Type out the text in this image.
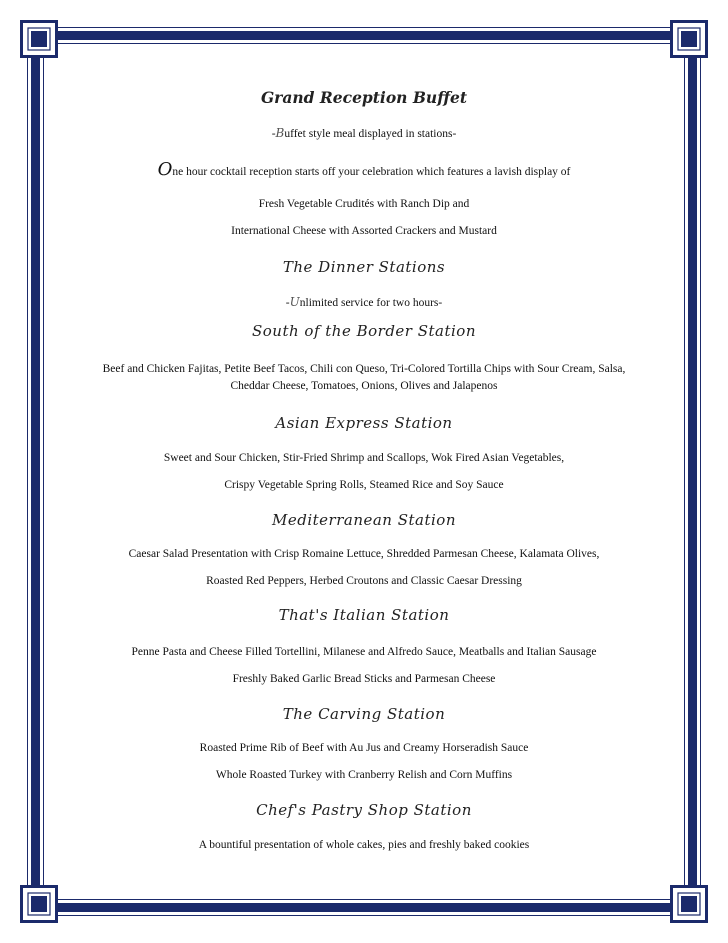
Grand Reception Buffet
-Buffet style meal displayed in stations-
One hour cocktail reception starts off your celebration which features a lavish display of
Fresh Vegetable Crudités with Ranch Dip and
International Cheese with Assorted Crackers and Mustard
The Dinner Stations
-Unlimited service for two hours-
South of the Border Station
Beef and Chicken Fajitas, Petite Beef Tacos, Chili con Queso, Tri-Colored Tortilla Chips with Sour Cream, Salsa,
Cheddar Cheese, Tomatoes, Onions, Olives and Jalapenos
Asian Express Station
Sweet and Sour Chicken, Stir-Fried Shrimp and Scallops, Wok Fired Asian Vegetables,
Crispy Vegetable Spring Rolls, Steamed Rice and Soy Sauce
Mediterranean Station
Caesar Salad Presentation with Crisp Romaine Lettuce, Shredded Parmesan Cheese, Kalamata Olives,
Roasted Red Peppers, Herbed Croutons and Classic Caesar Dressing
That's Italian Station
Penne Pasta and Cheese Filled Tortellini, Milanese and Alfredo Sauce, Meatballs and Italian Sausage
Freshly Baked Garlic Bread Sticks and Parmesan Cheese
The Carving Station
Roasted Prime Rib of Beef with Au Jus and Creamy Horseradish Sauce
Whole Roasted Turkey with Cranberry Relish and Corn Muffins
Chef's Pastry Shop Station
A bountiful presentation of whole cakes, pies and freshly baked cookies
